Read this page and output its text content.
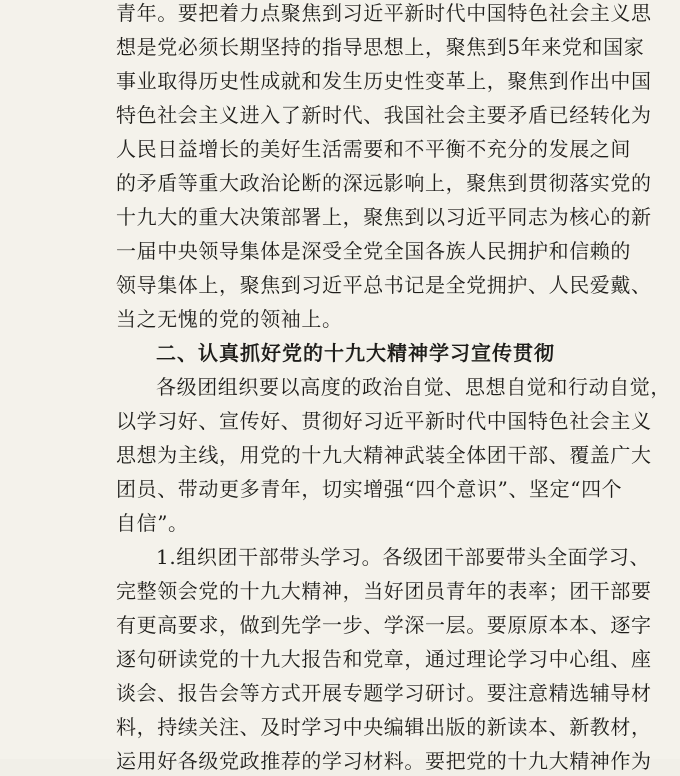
青年。要把着力点聚焦到习近平新时代中国特色社会主义思
想是党必须长期坚持的指导思想上，聚焦到5年来党和国家
事业取得历史性成就和发生历史性变革上，聚焦到作出中国
特色社会主义进入了新时代、我国社会主要矛盾已经转化为
人民日益增长的美好生活需要和不平衡不充分的发展之间
的矛盾等重大政治论断的深远影响上，聚焦到贯彻落实党的
十九大的重大决策部署上，聚焦到以习近平同志为核心的新
一届中央领导集体是深受全党全国各族人民拥护和信赖的
领导集体上，聚焦到习近平总书记是全党拥护、人民爱戴、
当之无愧的党的领袖上。
二、认真抓好党的十九大精神学习宣传贯彻
各级团组织要以高度的政治自觉、思想自觉和行动自觉，
以学习好、宣传好、贯彻好习近平新时代中国特色社会主义
思想为主线，用党的十九大精神武装全体团干部、覆盖广大
团员、带动更多青年，切实增强“四个意识”、坚定“四个
自信”。
1.组织团干部带头学习。各级团干部要带头全面学习、
完整领会党的十九大精神，当好团员青年的表率；团干部要
有更高要求，做到先学一步、学深一层。要原原本本、逐字
逐句研读党的十九大报告和党章，通过理论学习中心组、座
谈会、报告会等方式开展专题学习研讨。要注意精选辅导材
料，持续关注、及时学习中央编辑出版的新读本、新教材，
运用好各级党政推荐的学习材料。要把党的十九大精神作为
